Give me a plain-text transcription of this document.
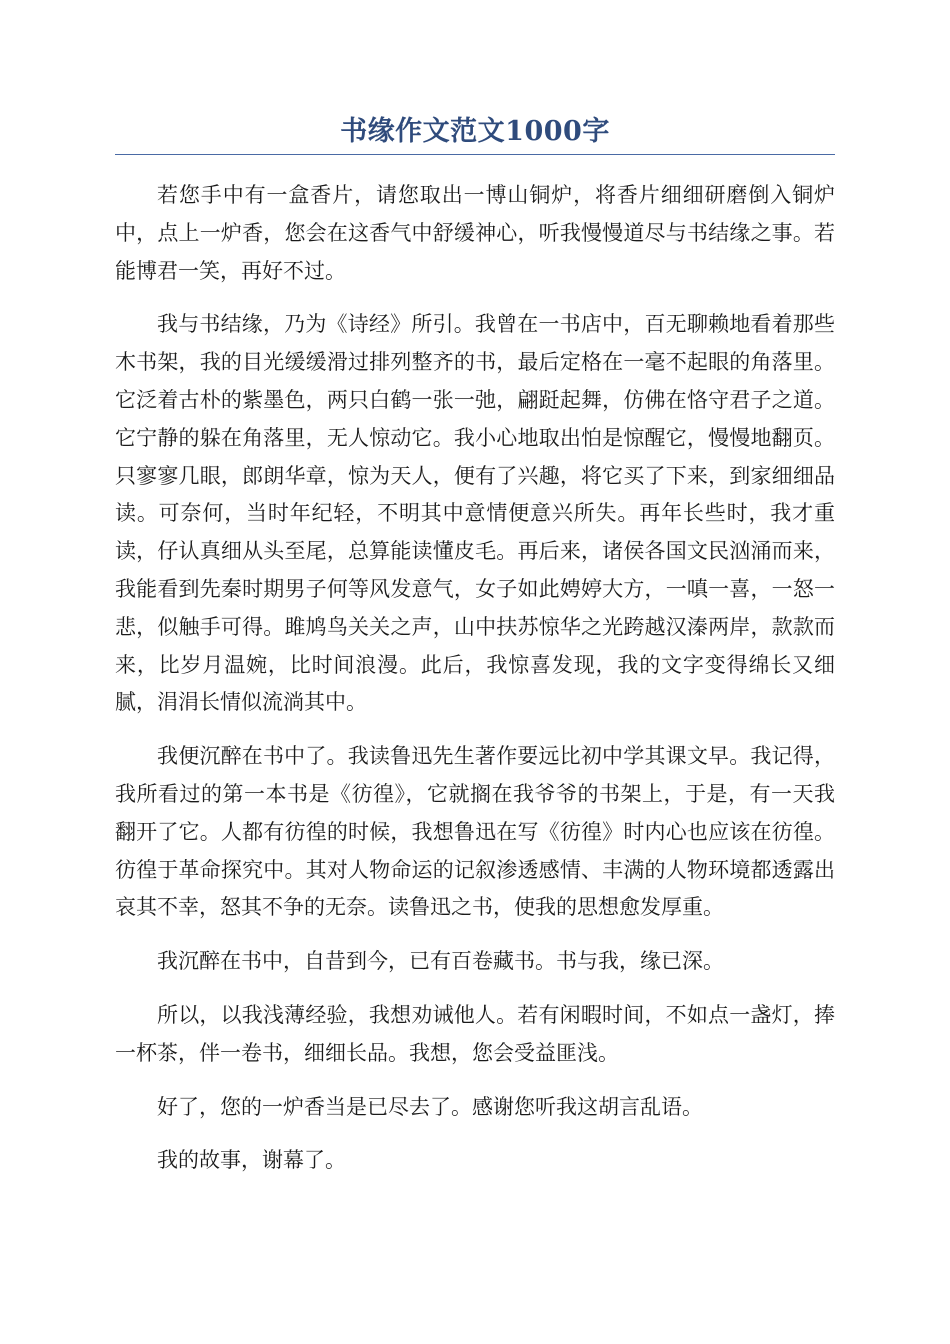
书缘作文范文1000字

若您手中有一盒香片，请您取出一博山铜炉，将香片细细研磨倒入铜炉中，点上一炉香，您会在这香气中舒缓神心，听我慢慢道尽与书结缘之事。若能博君一笑，再好不过。

我与书结缘，乃为《诗经》所引。我曾在一书店中，百无聊赖地看着那些木书架，我的目光缓缓滑过排列整齐的书，最后定格在一毫不起眼的角落里。它泛着古朴的紫墨色，两只白鹤一张一弛，翩跹起舞，仿佛在恪守君子之道。它宁静的躲在角落里，无人惊动它。我小心地取出怕是惊醒它，慢慢地翻页。只寥寥几眼，郎朗华章，惊为天人，便有了兴趣，将它买了下来，到家细细品读。可奈何，当时年纪轻，不明其中意情便意兴所失。再年长些时，我才重读，仔认真细从头至尾，总算能读懂皮毛。再后来，诸侯各国文民汹涌而来，我能看到先秦时期男子何等风发意气，女子如此娉婷大方，一嗔一喜，一怒一悲，似触手可得。雎鸠鸟关关之声，山中扶苏惊华之光跨越汉溱两岸，款款而来，比岁月温婉，比时间浪漫。此后，我惊喜发现，我的文字变得绵长又细腻，涓涓长情似流淌其中。

我便沉醉在书中了。我读鲁迅先生著作要远比初中学其课文早。我记得，我所看过的第一本书是《彷徨》，它就搁在我爷爷的书架上，于是，有一天我翻开了它。人都有彷徨的时候，我想鲁迅在写《彷徨》时内心也应该在彷徨。彷徨于革命探究中。其对人物命运的记叙渗透感情、丰满的人物环境都透露出哀其不幸，怒其不争的无奈。读鲁迅之书，使我的思想愈发厚重。

我沉醉在书中，自昔到今，已有百卷藏书。书与我，缘已深。

所以，以我浅薄经验，我想劝诫他人。若有闲暇时间，不如点一盏灯，捧一杯茶，伴一卷书，细细长品。我想，您会受益匪浅。

好了，您的一炉香当是已尽去了。感谢您听我这胡言乱语。

我的故事，谢幕了。
